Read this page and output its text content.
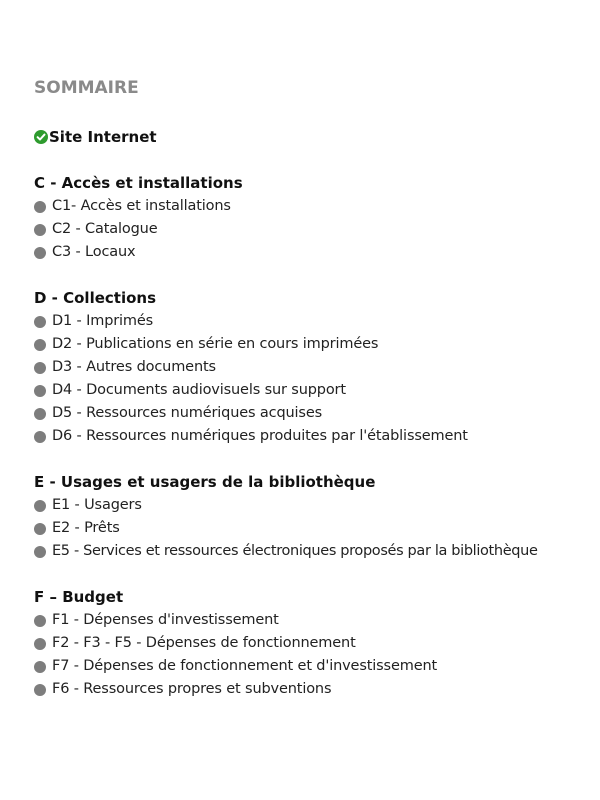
SOMMAIRE
Site Internet
C - Accès et installations
C1- Accès et installations
C2 - Catalogue
C3 - Locaux
D - Collections
D1 - Imprimés
D2 - Publications en série en cours imprimées
D3 - Autres documents
D4 - Documents audiovisuels sur support
D5 - Ressources numériques acquises
D6 - Ressources numériques produites par l'établissement
E - Usages et usagers de la bibliothèque
E1 - Usagers
E2 - Prêts
E5 - Services et ressources électroniques proposés par la bibliothèque
F – Budget
F1 - Dépenses d'investissement
F2 - F3 - F5 - Dépenses de fonctionnement
F7 - Dépenses de fonctionnement et d'investissement
F6 - Ressources propres et subventions
